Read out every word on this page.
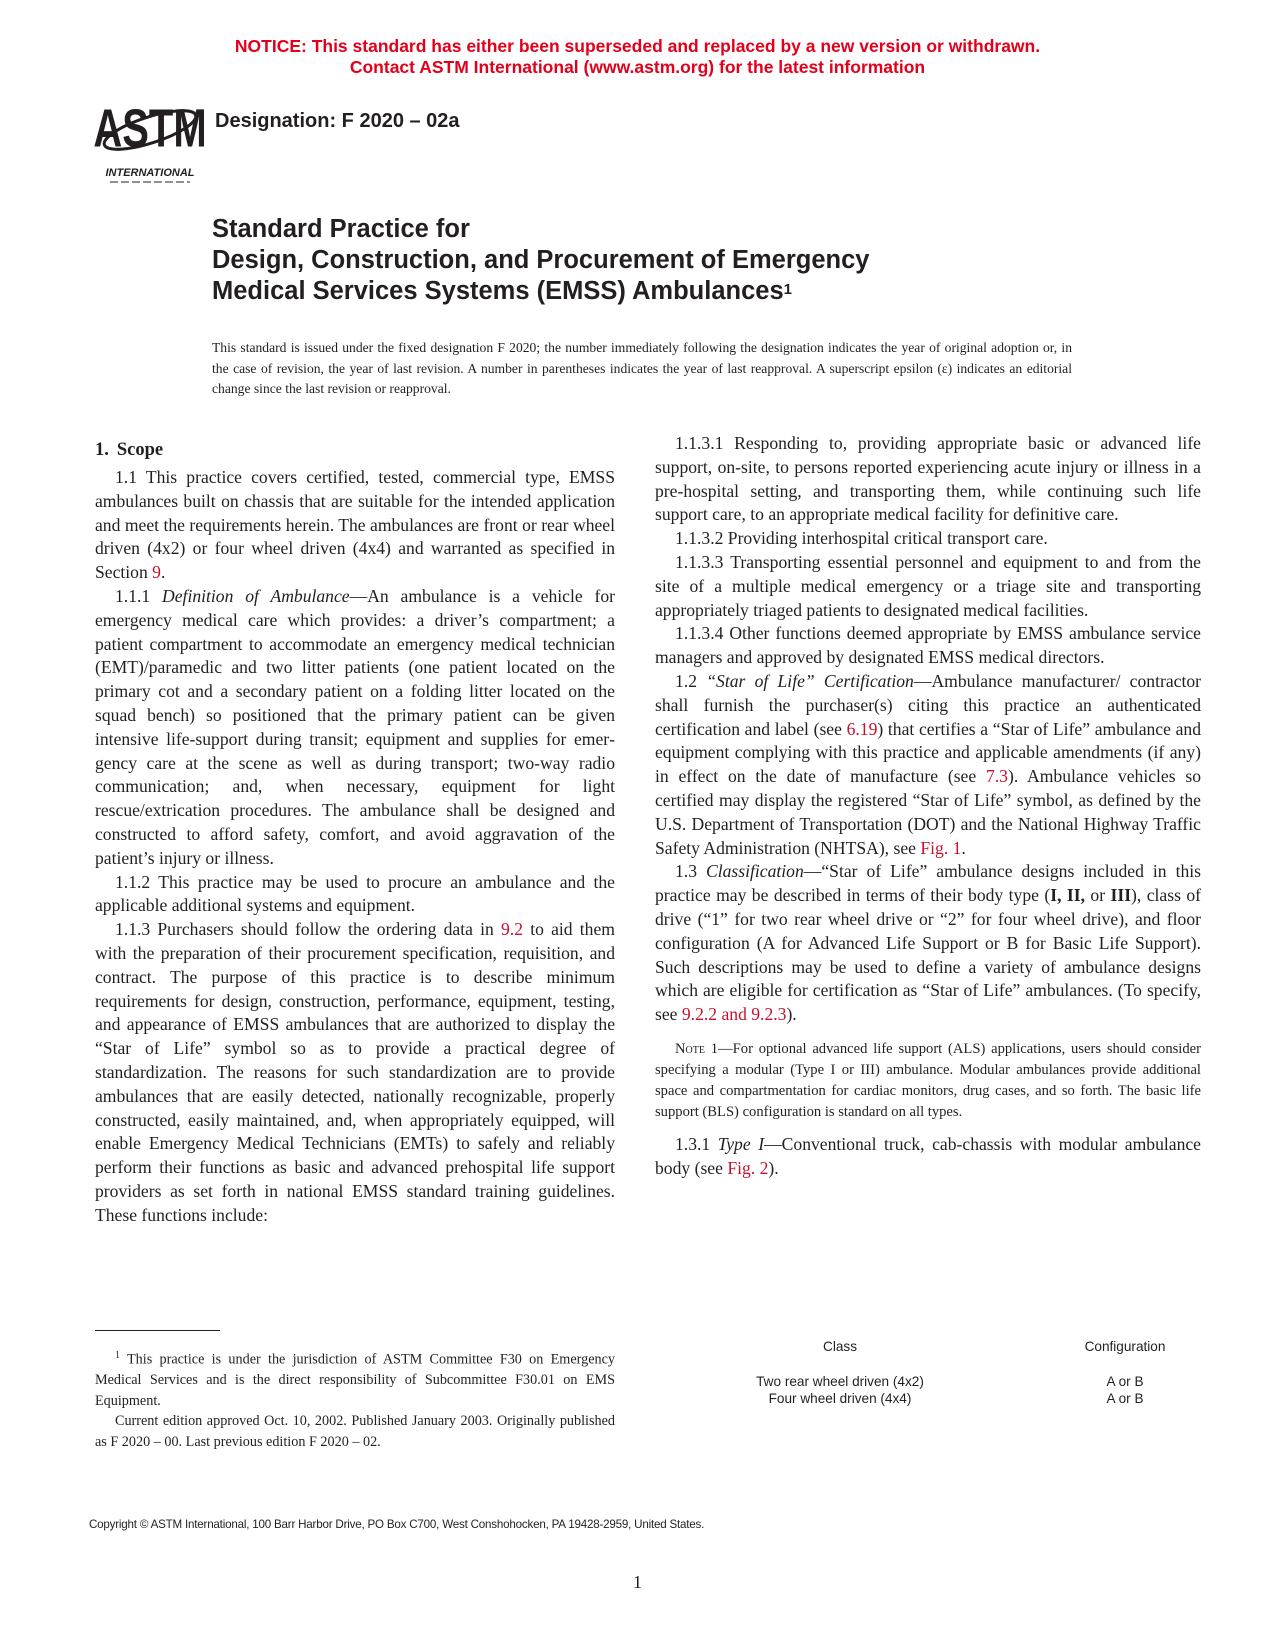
NOTICE: This standard has either been superseded and replaced by a new version or withdrawn.
Contact ASTM International (www.astm.org) for the latest information
ASTM
INTERNATIONAL
Designation: F 2020 – 02a
Standard Practice for
Design, Construction, and Procurement of Emergency
Medical Services Systems (EMSS) Ambulances$^1$
This standard is issued under the fixed designation F 2020; the number immediately following the designation indicates the year of original adoption or, in the case of revision, the year of last revision. A number in parentheses indicates the year of last reapproval. A superscript epsilon (ε) indicates an editorial change since the last revision or reapproval.
1. Scope

1.1 This practice covers certified, tested, commercial type, EMSS ambulances built on chassis that are suitable for the intended application and meet the requirements herein. The ambulances are front or rear wheel driven (4x2) or four wheel driven (4x4) and warranted as specified in Section 9.

1.1.1 Definition of Ambulance—An ambulance is a vehicle for emergency medical care which provides: a driver’s compartment; a patient compartment to accommodate an emergency medical technician (EMT)/paramedic and two litter patients (one patient located on the primary cot and a secondary patient on a folding litter located on the squad bench) so positioned that the primary patient can be given intensive life-support during transit; equipment and supplies for emergency care at the scene as well as during transport; two-way radio communication; and, when necessary, equipment for light rescue/extrication procedures. The ambulance shall be designed and constructed to afford safety, comfort, and avoid aggravation of the patient’s injury or illness.

1.1.2 This practice may be used to procure an ambulance and the applicable additional systems and equipment.

1.1.3 Purchasers should follow the ordering data in 9.2 to aid them with the preparation of their procurement specification, requisition, and contract. The purpose of this practice is to describe minimum requirements for design, construction, performance, equipment, testing, and appearance of EMSS ambulances that are authorized to display the “Star of Life” symbol so as to provide a practical degree of standardization. The reasons for such standardization are to provide ambulances that are easily detected, nationally recognizable, properly constructed, easily maintained, and, when appropriately equipped, will enable Emergency Medical Technicians (EMTs) to safely and reliably perform their functions as basic and advanced prehospital life support providers as set forth in national EMSS standard training guidelines. These functions include:

1.1.3.1 Responding to, providing appropriate basic or advanced life support, on-site, to persons reported experiencing acute injury or illness in a pre-hospital setting, and transporting them, while continuing such life support care, to an appropriate medical facility for definitive care.

1.1.3.2 Providing interhospital critical transport care.

1.1.3.3 Transporting essential personnel and equipment to and from the site of a multiple medical emergency or a triage site and transporting appropriately triaged patients to designated medical facilities.

1.1.3.4 Other functions deemed appropriate by EMSS ambulance service managers and approved by designated EMSS medical directors.

1.2 “Star of Life” Certification—Ambulance manufacturer/ contractor shall furnish the purchaser(s) citing this practice an authenticated certification and label (see 6.19) that certifies a “Star of Life” ambulance and equipment complying with this practice and applicable amendments (if any) in effect on the date of manufacture (see 7.3). Ambulance vehicles so certified may display the registered “Star of Life” symbol, as defined by the U.S. Department of Transportation (DOT) and the National Highway Traffic Safety Administration (NHTSA), see Fig. 1.

1.3 Classification—“Star of Life” ambulance designs included in this practice may be described in terms of their body type (I, II, or III), class of drive (“1” for two rear wheel drive or “2” for four wheel drive), and floor configuration (A for Advanced Life Support or B for Basic Life Support). Such descriptions may be used to define a variety of ambulance designs which are eligible for certification as “Star of Life” ambulances. (To specify, see 9.2.2 and 9.2.3).

Note 1—For optional advanced life support (ALS) applications, users should consider specifying a modular (Type I or III) ambulance. Modular ambulances provide additional space and compartmentation for cardiac monitors, drug cases, and so forth. The basic life support (BLS) configuration is standard on all types.

1.3.1 Type I—Conventional truck, cab-chassis with modular ambulance body (see Fig. 2).

Class	Configuration
Two rear wheel driven (4x2)	A or B
Four wheel driven (4x4)	A or B

$^1$ This practice is under the jurisdiction of ASTM Committee F30 on Emergency Medical Services and is the direct responsibility of Subcommittee F30.01 on EMS Equipment.

Current edition approved Oct. 10, 2002. Published January 2003. Originally published as F 2020 – 00. Last previous edition F 2020 – 02.

Copyright © ASTM International, 100 Barr Harbor Drive, PO Box C700, West Conshohocken, PA 19428-2959, United States.
1
